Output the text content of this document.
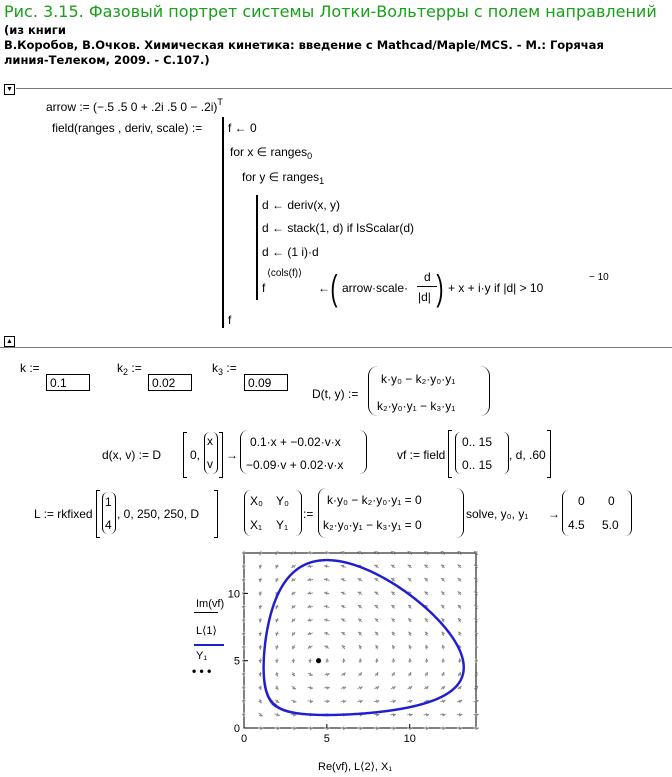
Рис. 3.15. Фазовый портрет системы Лотки-Вольтерры с полем направлений
(из книги
В.Коробов, В.Очков. Химическая кинетика: введение с Mathcad/Maple/MCS. - М.: Горячая
линия-Телеком, 2009. - С.107.)
▼
arrow := (−.5 .5 0 + .2i .5 0 − .2i)$^T$
field(ranges , deriv, scale) := f ← 0
for x ∈ ranges$_0$
for y ∈ ranges$_1$
d ← deriv(x, y)
d ← stack(1, d) if IsScalar(d)
d ← (1 i)·d
f
⟨cols(f)⟩
← ( arrow·scale·
d
|d| ) + x + i·y if |d| > 10
− 10
f
▲
k :=
0.1
$k_2$ :=
0.02
$k_3$ :=
0.09
D(t, y) :=
k·y₀ − k₂·y₀·y₁
k₂·y₀·y₁ − k₃·y₁
d(x, v) := D 0,
x
v
→
0.1·x + −0.02·v·x
−0.09·v + 0.02·v·x
vf := field
0.. 15
0.. 15
, d, .60
L := rkfixed
1
4
, 0, 250, 250, D
X₀ Y₀
X₁ Y₁
:=
k·y₀ − k₂·y₀·y₁ = 0
k₂·y₀·y₁ − k₃·y₁ = 0
solve, y₀, y₁ →
0 0
4.5 5.0
Im(vf)
L⟨1⟩
Y₁
• • •
0	5	10
0
5
10
Re(vf), L⟨2⟩, X₁
